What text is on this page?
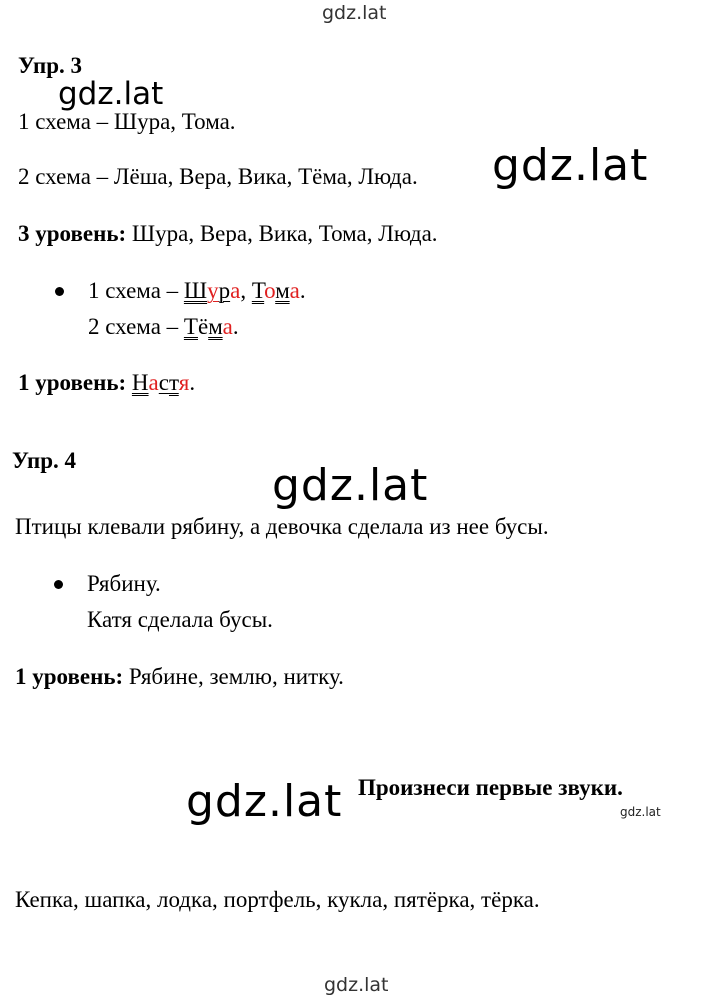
gdz.lat
gdz.lat
gdz.lat
gdz.lat
gdz.lat	gdz.lat
gdz.lat
Упр. 3
1 схема – Шура, Тома.
2 схема – Лёша, Вера, Вика, Тёма, Люда.
3 уровень: Шура, Вера, Вика, Тома, Люда.
1 схема – Шура, Тома.
2 схема – Тёма.
1 уровень: Настя.
Упр. 4
Птицы клевали рябину, а девочка сделала из нее бусы.
Рябину.
Катя сделала бусы.
1 уровень: Рябине, землю, нитку.
Произнеси первые звуки.
Кепка, шапка, лодка, портфель, кукла, пятёрка, тёрка.
